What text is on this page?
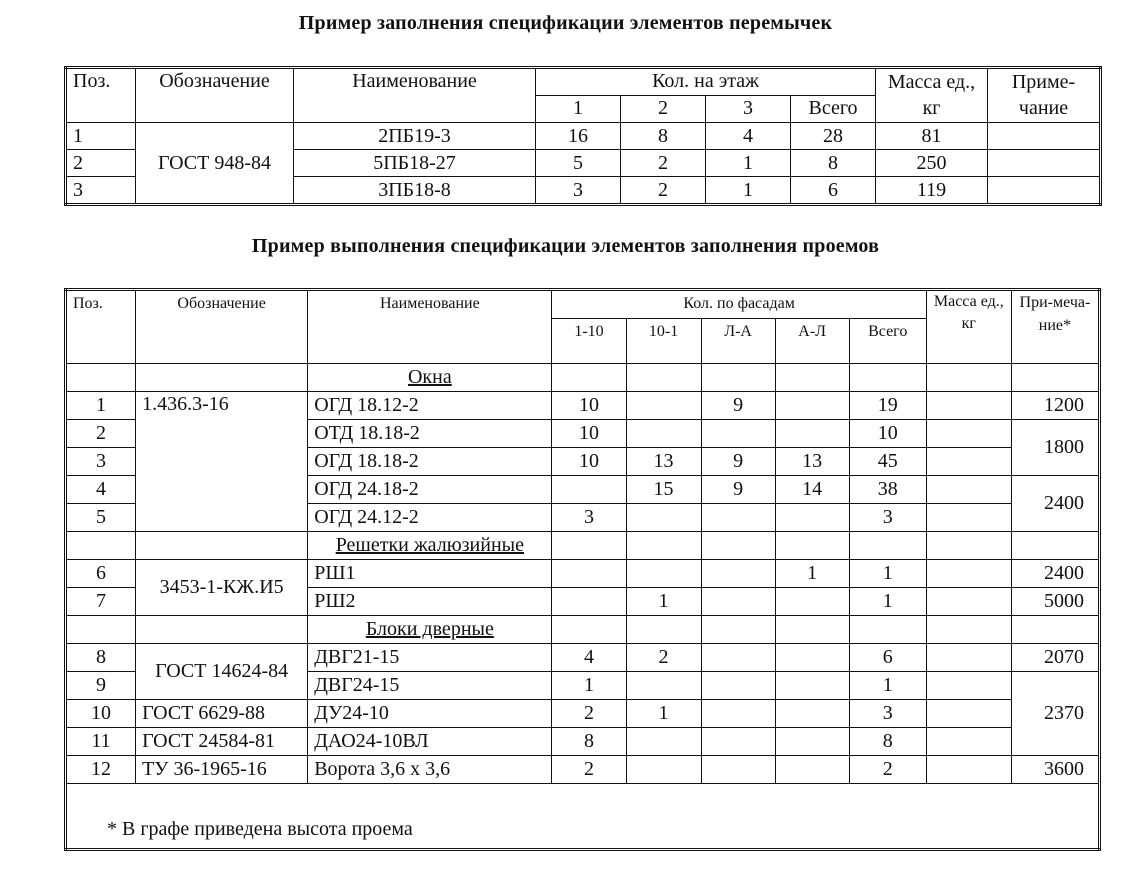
Пример заполнения спецификации элементов перемычек
Поз.	Обозначение	Наименование	Кол. на этаж				Масса ед., кг	Приме-чание
			1	2	3	Всего		
1	ГОСТ 948-84	2ПБ19-3	16	8	4	28	81	
2		5ПБ18-27	5	2	1	8	250	
3		3ПБ18-8	3	2	1	6	119	
Пример выполнения спецификации элементов заполнения проемов
Поз.	Обозначение	Наименование	Кол. по фасадам					Масса ед., кг	При-меча-ние*
			1-10	10-1	Л-А	А-Л	Всего		
		Окна							
1	1.436.3-16	ОГД 18.12-2	10		9		19		1200
2		ОТД 18.18-2	10				10		1800
3		ОГД 18.18-2	10	13	9	13	45		
4		ОГД 24.18-2		15	9	14	38		2400
5		ОГД 24.12-2	3				3		
		Решетки жалюзийные							
6	3453-1-КЖ.И5	РШ1				1	1		2400
7		РШ2		1			1		5000
		Блоки дверные							
8	ГОСТ 14624-84	ДВГ21-15	4	2			6		2070
9		ДВГ24-15	1				1		2370
10	ГОСТ 6629-88	ДУ24-10	2	1			3		
11	ГОСТ 24584-81	ДАО24-10ВЛ	8				8		
12	ТУ 36-1965-16	Ворота 3,6 х 3,6	2				2		3600
* В графе приведена высота проема									
